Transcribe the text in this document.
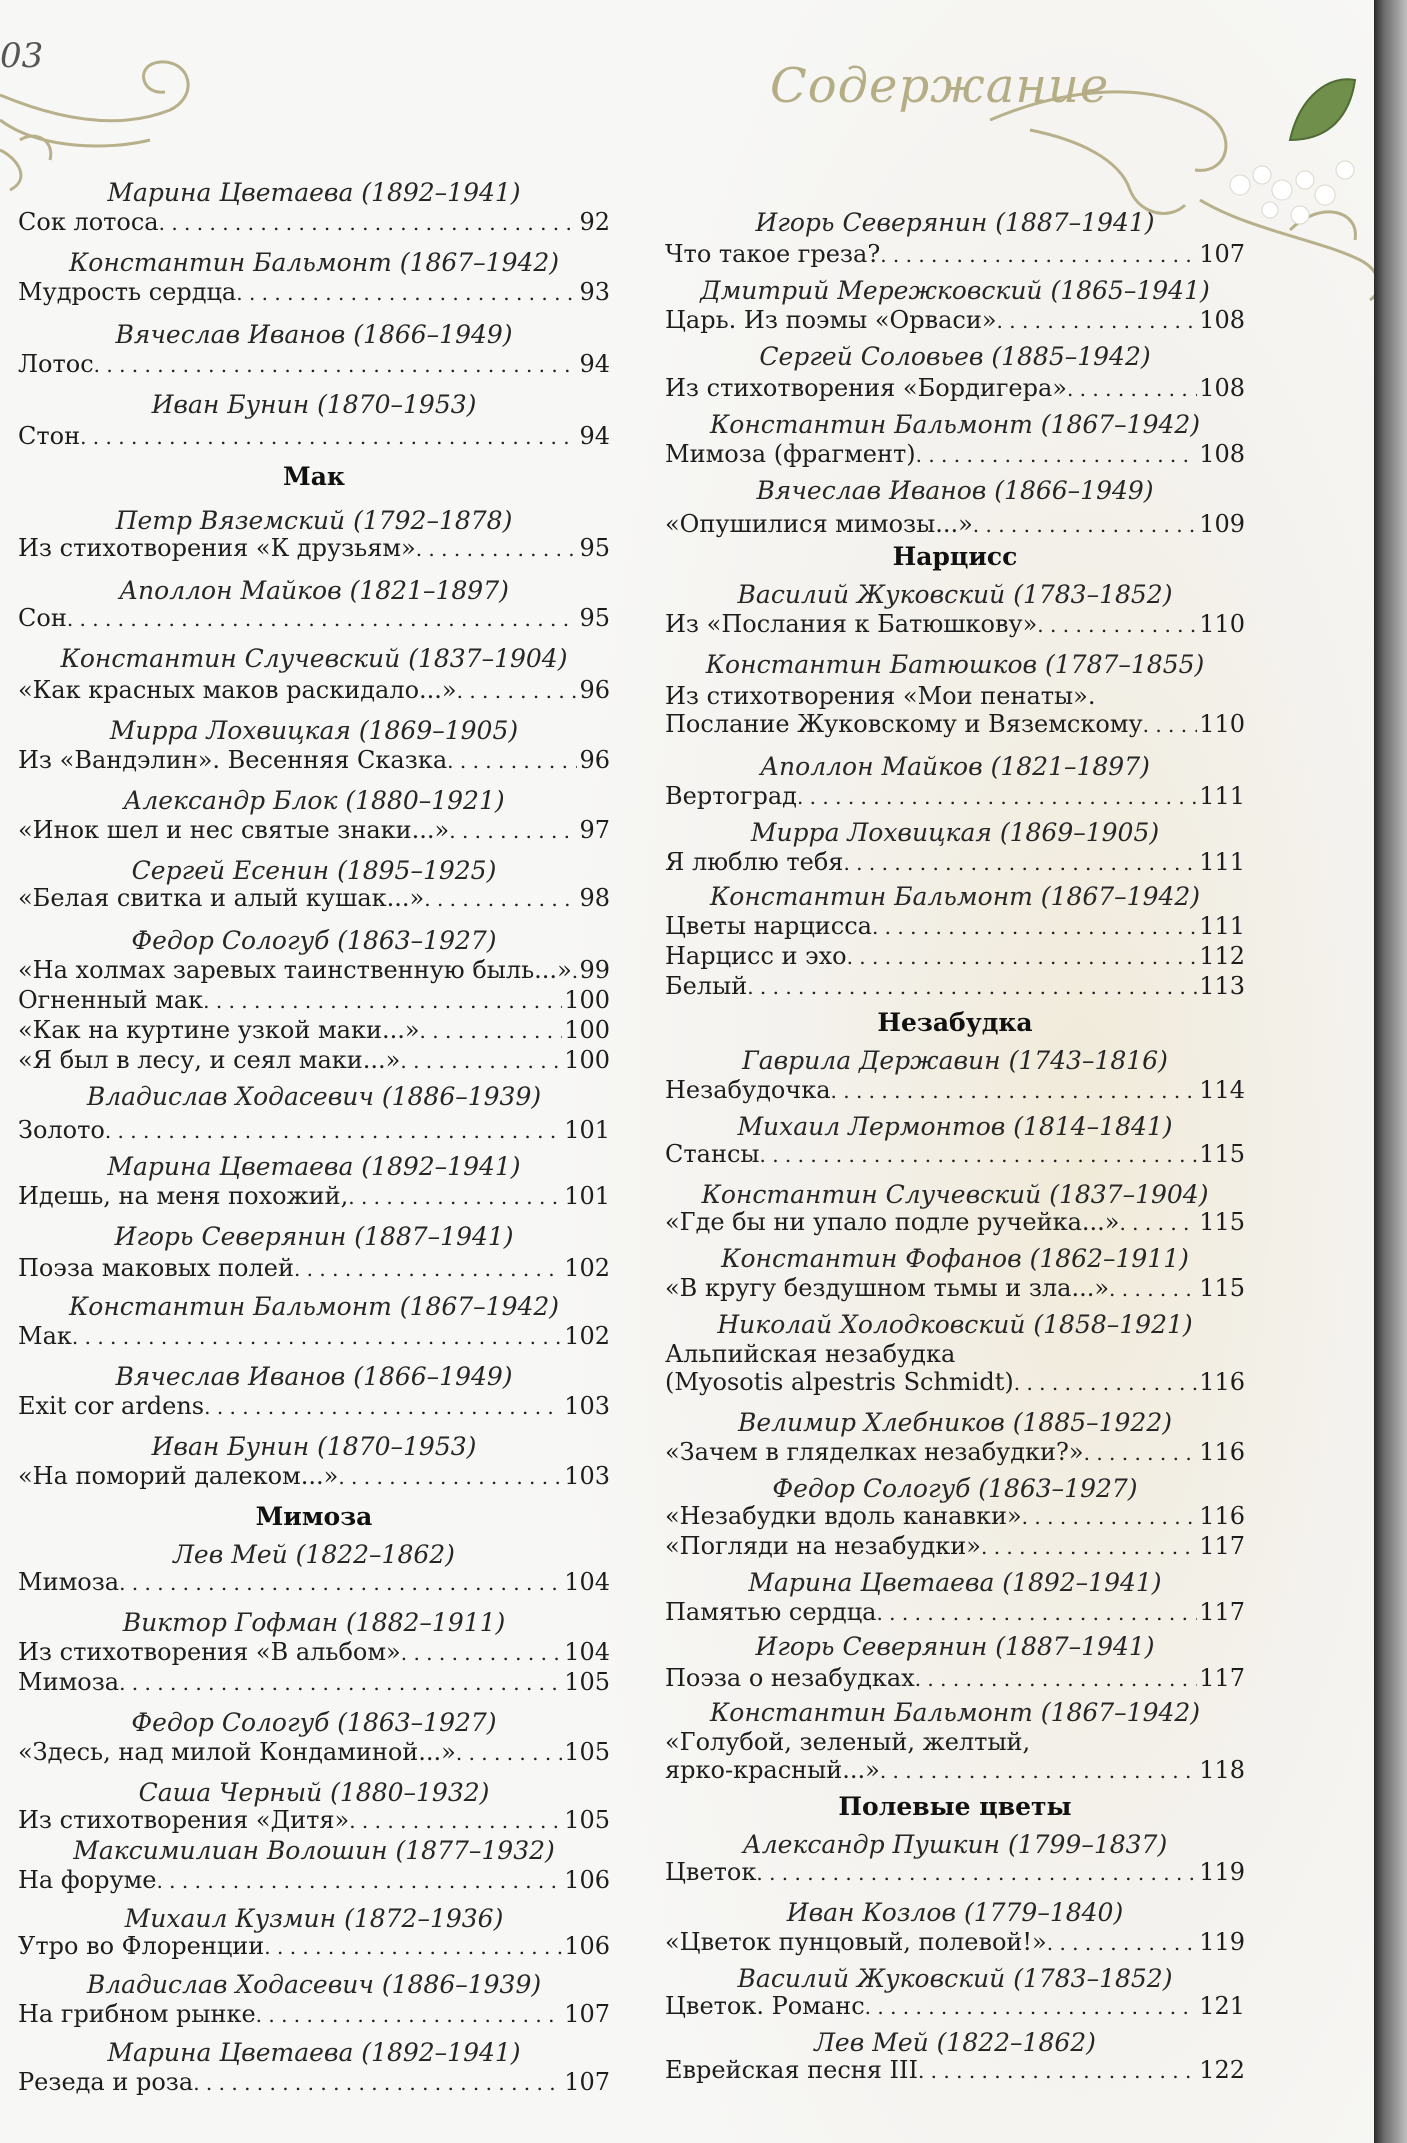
03
Содержание
Марина Цветаева (1892–1941)
Сок лотоса . . .	92
Константин Бальмонт (1867–1942)
Мудрость сердца . . .	93
Вячеслав Иванов (1866–1949)
Лотос . . .	94
Иван Бунин (1870–1953)
Стон . . .	94
Мак
Петр Вяземский (1792–1878)
Из стихотворения «К друзьям» . . .	95
Аполлон Майков (1821–1897)
Сон . . .	95
Константин Случевский (1837–1904)
«Как красных маков раскидало...» . . .	96
Мирра Лохвицкая (1869–1905)
Из «Вандэлин». Весенняя Сказка . . .	96
Александр Блок (1880–1921)
«Инок шел и нес святые знаки...» . . .	97
Сергей Есенин (1895–1925)
«Белая свитка и алый кушак...» . . .	98
Федор Сологуб (1863–1927)
«На холмах заревых таинственную быль...» . . . 99
Огненный мак . . .	100
«Как на куртине узкой маки...» . . .	100
«Я был в лесу, и сеял маки...» . . .	100
Владислав Ходасевич (1886–1939)
Золото . . .	101
Марина Цветаева (1892–1941)
Идешь, на меня похожий, . . .	101
Игорь Северянин (1887–1941)
Поэза маковых полей . . .	102
Константин Бальмонт (1867–1942)
Мак . . .	102
Вячеслав Иванов (1866–1949)
Exit cor ardens . . .	103
Иван Бунин (1870–1953)
«На поморий далеком...» . . .	103
Мимоза
Лев Мей (1822–1862)
Мимоза . . .	104
Виктор Гофман (1882–1911)
Из стихотворения «В альбом» . . .	104
Мимоза . . .	105
Федор Сологуб (1863–1927)
«Здесь, над милой Кондаминой...» . . .	105
Саша Черный (1880–1932)
Из стихотворения «Дитя» . . .	105
Максимилиан Волошин (1877–1932)
На форуме . . .	106
Михаил Кузмин (1872–1936)
Утро во Флоренции . . .	106
Владислав Ходасевич (1886–1939)
На грибном рынке . . .	107
Марина Цветаева (1892–1941)
Резеда и роза . . .	107
Игорь Северянин (1887–1941)
Что такое греза? . . .	107
Дмитрий Мережковский (1865–1941)
Царь. Из поэмы «Орваси» . . .	108
Сергей Соловьев (1885–1942)
Из стихотворения «Бордигера» . . .	108
Константин Бальмонт (1867–1942)
Мимоза (фрагмент) . . .	108
Вячеслав Иванов (1866–1949)
«Опушилися мимозы...» . . .	109
Нарцисс
Василий Жуковский (1783–1852)
Из «Послания к Батюшкову» . . .	110
Константин Батюшков (1787–1855)
Из стихотворения «Мои пенаты».
Послание Жуковскому и Вяземскому . . . 110
Аполлон Майков (1821–1897)
Вертоград . . .	111
Мирра Лохвицкая (1869–1905)
Я люблю тебя . . .	111
Константин Бальмонт (1867–1942)
Цветы нарцисса . . .	111
Нарцисс и эхо . . .	112
Белый . . .	113
Незабудка
Гаврила Державин (1743–1816)
Незабудочка . . .	114
Михаил Лермонтов (1814–1841)
Стансы . . .	115
Константин Случевский (1837–1904)
«Где бы ни упало подле ручейка...» . . .	115
Константин Фофанов (1862–1911)
«В кругу бездушном тьмы и зла...» . . .	115
Николай Холодковский (1858–1921)
Альпийская незабудка
(Myosotis alpestris Schmidt) . . .	116
Велимир Хлебников (1885–1922)
«Зачем в гляделках незабудки?» . . .	116
Федор Сологуб (1863–1927)
«Незабудки вдоль канавки» . . .	116
«Погляди на незабудки» . . .	117
Марина Цветаева (1892–1941)
Памятью сердца . . .	117
Игорь Северянин (1887–1941)
Поэза о незабудках . . .	117
Константин Бальмонт (1867–1942)
«Голубой, зеленый, желтый,
ярко-красный...» . . .	118
Полевые цветы
Александр Пушкин (1799–1837)
Цветок . . .	119
Иван Козлов (1779–1840)
«Цветок пунцовый, полевой!» . . .	119
Василий Жуковский (1783–1852)
Цветок. Романс . . .	121
Лев Мей (1822–1862)
Еврейская песня III . . .	122
